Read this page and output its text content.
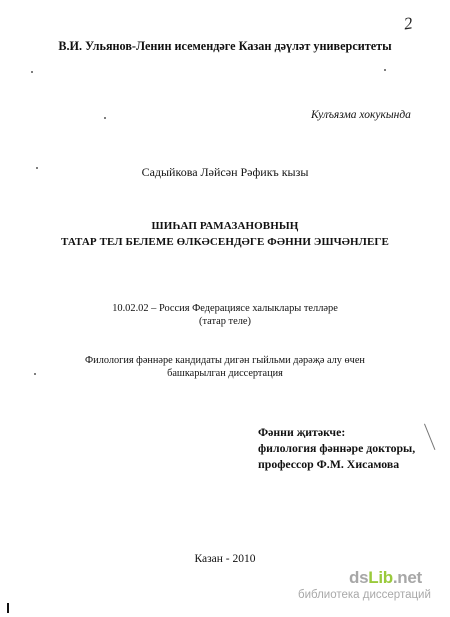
2
В.И. Ульянов-Ленин исемендәге Казан дәүләт университеты
Кулъязма хокукында
Садыйкова Ләйсән Рәфикъ кызы
ШИҺАП РАМАЗАНОВНЫҢ
ТАТАР ТЕЛ БЕЛЕМЕ ӨЛКӘСЕНДӘГЕ ФӘННИ ЭШЧӘНЛЕГЕ
10.02.02 – Россия Федерациясе халыклары телләре
(татар теле)
Филология фәннәре кандидаты дигән гыйльми дәрәҗә алу өчен
башкарылган диссертация
Фәнни җитәкче:
филология фәннәре докторы,
профессор Ф.М. Хисамова
Казан - 2010
dsLib.net
библиотека диссертаций
